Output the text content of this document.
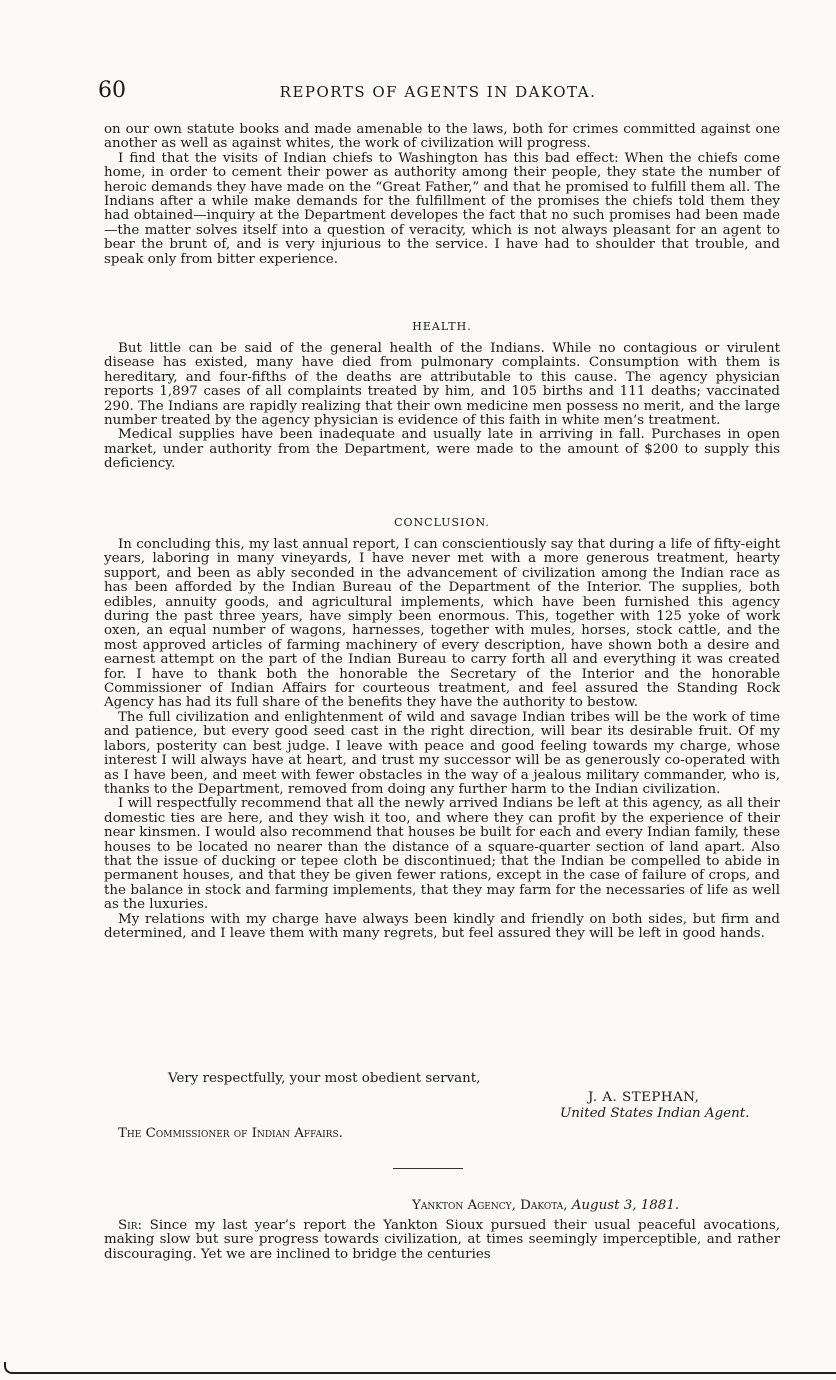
60	REPORTS OF AGENTS IN DAKOTA.

on our own statute books and made amenable to the laws, both for crimes committed against one another as well as against whites, the work of civilization will progress.

I find that the visits of Indian chiefs to Washington has this bad effect: When the chiefs come home, in order to cement their power as authority among their people, they state the number of heroic demands they have made on the “Great Father,” and that he promised to fulfill them all. The Indians after a while make demands for the fulfillment of the promises the chiefs told them they had obtained—inquiry at the Department developes the fact that no such promises had been made—the matter solves itself into a question of veracity, which is not always pleasant for an agent to bear the brunt of, and is very injurious to the service. I have had to shoulder that trouble, and speak only from bitter experience.

HEALTH.

But little can be said of the general health of the Indians. While no contagious or virulent disease has existed, many have died from pulmonary complaints. Consumption with them is hereditary, and four-fifths of the deaths are attributable to this cause. The agency physician reports 1,897 cases of all complaints treated by him, and 105 births and 111 deaths; vaccinated 290. The Indians are rapidly realizing that their own medicine men possess no merit, and the large number treated by the agency physician is evidence of this faith in white men’s treatment.

Medical supplies have been inadequate and usually late in arriving in fall. Purchases in open market, under authority from the Department, were made to the amount of $200 to supply this deficiency.

CONCLUSION.

In concluding this, my last annual report, I can conscientiously say that during a life of fifty-eight years, laboring in many vineyards, I have never met with a more generous treatment, hearty support, and been as ably seconded in the advancement of civilization among the Indian race as has been afforded by the Indian Bureau of the Department of the Interior. The supplies, both edibles, annuity goods, and agricultural implements, which have been furnished this agency during the past three years, have simply been enormous. This, together with 125 yoke of work oxen, an equal number of wagons, harnesses, together with mules, horses, stock cattle, and the most approved articles of farming machinery of every description, have shown both a desire and earnest attempt on the part of the Indian Bureau to carry forth all and everything it was created for. I have to thank both the honorable the Secretary of the Interior and the honorable Commissioner of Indian Affairs for courteous treatment, and feel assured the Standing Rock Agency has had its full share of the benefits they have the authority to bestow.

The full civilization and enlightenment of wild and savage Indian tribes will be the work of time and patience, but every good seed cast in the right direction, will bear its desirable fruit. Of my labors, posterity can best judge. I leave with peace and good feeling towards my charge, whose interest I will always have at heart, and trust my successor will be as generously co-operated with as I have been, and meet with fewer obstacles in the way of a jealous military commander, who is, thanks to the Department, removed from doing any further harm to the Indian civilization.

I will respectfully recommend that all the newly arrived Indians be left at this agency, as all their domestic ties are here, and they wish it too, and where they can profit by the experience of their near kinsmen. I would also recommend that houses be built for each and every Indian family, these houses to be located no nearer than the distance of a square-quarter section of land apart. Also that the issue of ducking or tepee cloth be discontinued; that the Indian be compelled to abide in permanent houses, and that they be given fewer rations, except in the case of failure of crops, and the balance in stock and farming implements, that they may farm for the necessaries of life as well as the luxuries.

My relations with my charge have always been kindly and friendly on both sides, but firm and determined, and I leave them with many regrets, but feel assured they will be left in good hands.

Very respectfully, your most obedient servant,
J. A. STEPHAN,
United States Indian Agent.
The Commissioner of Indian Affairs.
Yankton Agency, Dakota, August 3, 1881.

Sir: Since my last year’s report the Yankton Sioux pursued their usual peaceful avocations, making slow but sure progress towards civilization, at times seemingly imperceptible, and rather discouraging. Yet we are inclined to bridge the centuries
